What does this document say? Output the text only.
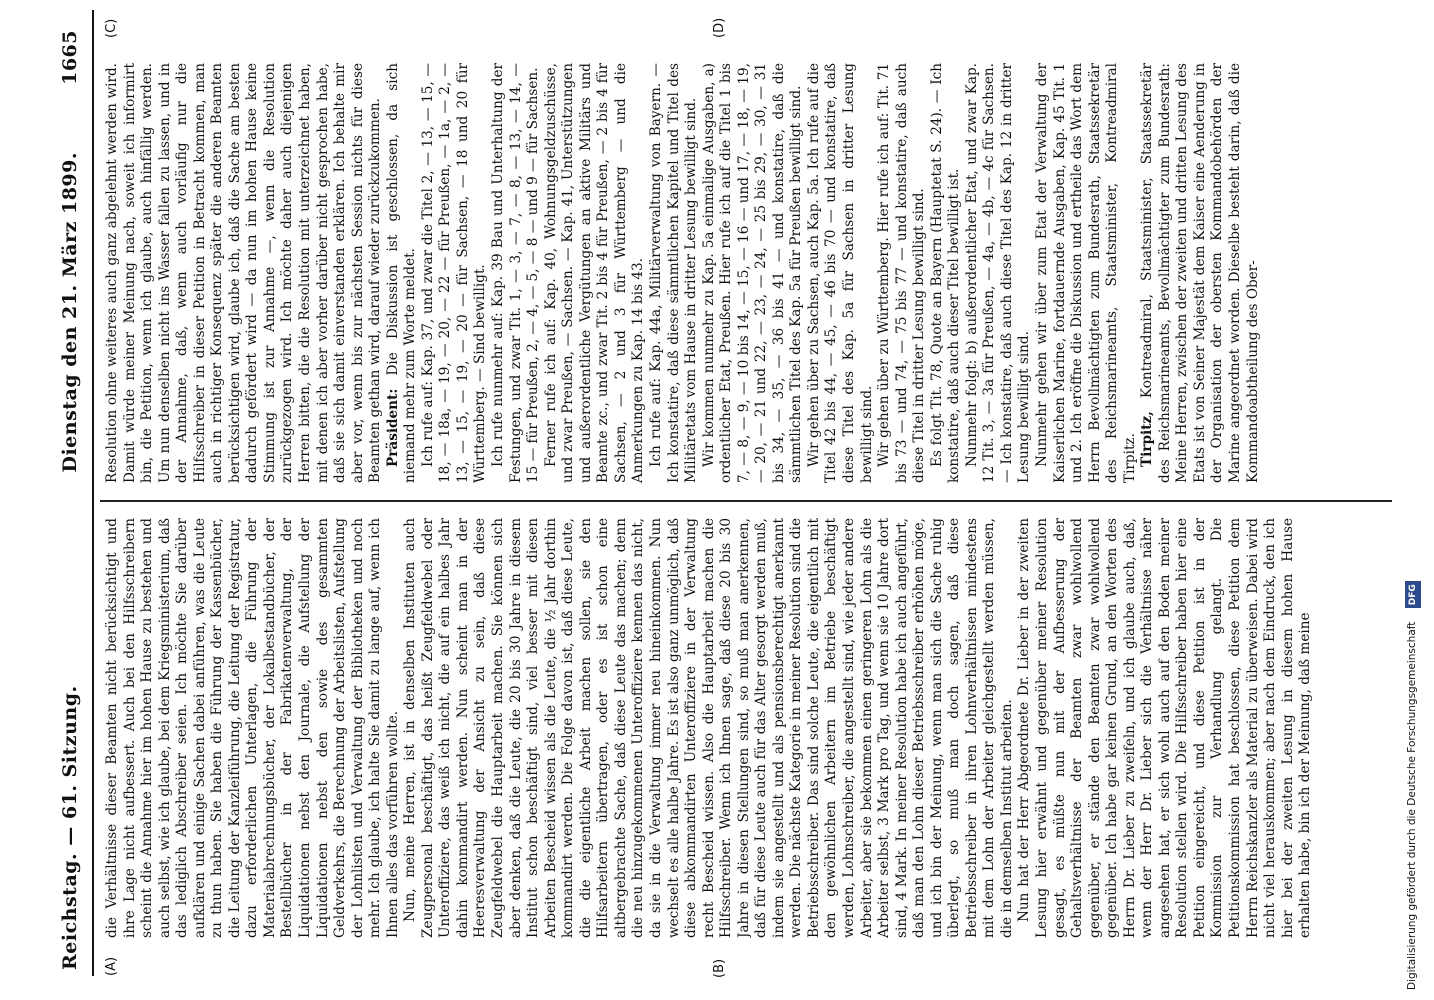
Reichstag. — 61. Sitzung.
Dienstag den 21. März 1899. 1665
(A)	(B)
(C)	(D)

die Verhältnisse dieser Beamten nicht berücksichtigt und ihre Lage nicht aufbessert. Auch bei den Hilfsschreibern scheint die Annahme hier im hohen Hause zu bestehen und auch selbst, wie ich glaube, bei dem Kriegsministerium, daß das lediglich Abschreiber seien. Ich möchte Sie darüber aufklären und einige Sachen dabei anführen, was die Leute zu thun haben. Sie haben die Führung der Kassenbücher, die Leitung der Kanzleiführung, die Leitung der Registratur, dazu erforderlichen Unterlagen, die Führung der Materialabrechnungsbücher, der Lokalbestandbücher, der Bestellbücher in der Fabrikatenverwaltung, der Liquidationen nebst den Journale, die Aufstellung der Liquidationen nebst den sowie des gesammten Geldverkehrs, die Berechnung der Arbeitslisten, Aufstellung der Lohnlisten und Verwaltung der Bibliotheken und noch mehr. Ich glaube, ich halte Sie damit zu lange auf, wenn ich Ihnen alles das vorführen wollte. Nun, meine Herren, ist in denselben Instituten auch Zeugpersonal beschäftigt, das heißt Zeugfeldwebel oder Unteroffiziere, das weiß ich nicht, die auf ein halbes Jahr dahin kommandirt werden. Nun scheint man in der Heeresverwaltung der Ansicht zu sein, daß diese Zeugfeldwebel die Hauptarbeit machen. Sie können sich aber denken, daß die Leute, die 20 bis 30 Jahre in diesem Institut schon beschäftigt sind, viel besser mit diesen Arbeiten Bescheid wissen als die Leute, die ½ Jahr dorthin kommandirt werden. Die Folge davon ist, daß diese Leute, die die eigentliche Arbeit machen sollen, sie den Hilfsarbeitern übertragen, oder es ist schon eine altbergebrachte Sache, daß diese Leute das machen; denn die neu hinzugekommenen Unteroffiziere kennen das nicht, da sie in die Verwaltung immer neu hineinkommen. Nun wechselt es alle halbe Jahre. Es ist also ganz unmöglich, daß diese abkommandirten Unteroffiziere in der Verwaltung recht Bescheid wissen. Also die Hauptarbeit machen die Hilfsschreiber. Wenn ich Ihnen sage, daß diese 20 bis 30 Jahre in diesen Stellungen sind, so muß man anerkennen, daß für diese Leute auch für das Alter gesorgt werden muß, indem sie angestellt und als pensionsberechtigt anerkannt werden. Die nächste Kategorie in meiner Resolution sind die Betriebsschreiber. Das sind solche Leute, die eigentlich mit den gewöhnlichen Arbeitern im Betriebe beschäftigt werden, Lohnschreiber, die angestellt sind, wie jeder andere Arbeiter, aber sie bekommen einen geringeren Lohn als die Arbeiter selbst, 3 Mark pro Tag, und wenn sie 10 Jahre dort sind, 4 Mark. In meiner Resolution habe ich auch angeführt, daß man den Lohn dieser Betriebsschreiber erhöhen möge, und ich bin der Meinung, wenn man sich die Sache ruhig überlegt, so muß man doch sagen, daß diese Betriebsschreiber in ihren Lohnverhältnissen mindestens mit dem Lohn der Arbeiter gleichgestellt werden müssen, die in demselben Institut arbeiten. Nun hat der Herr Abgeordnete Dr. Lieber in der zweiten Lesung hier erwähnt und gegenüber meiner Resolution gesagt, es müßte nun mit der Aufbesserung der Gehaltsverhältnisse der Beamten zwar wohlwollend gegenüber, er stände den Beamten zwar wohlwollend gegenüber. Ich habe gar keinen Grund, an den Worten des Herrn Dr. Lieber zu zweifeln, und ich glaube auch, daß, wenn der Herr Dr. Lieber sich die Verhältnisse näher angesehen hat, er sich wohl auch auf den Boden meiner Resolution stellen wird. Die Hilfsschreiber haben hier eine Petition eingereicht, und diese Petition ist in der Kommission zur Verhandlung gelangt. Die Petitionskommission hat beschlossen, diese Petition dem Herrn Reichskanzler als Material zu überweisen. Dabei wird nicht viel herauskommen; aber nach dem Eindruck, den ich hier bei der zweiten Lesung in diesem hohen Hause erhalten habe, bin ich der Meinung, daß meine

Resolution ohne weiteres auch ganz abgelehnt werden wird. Damit würde meiner Meinung nach, soweit ich informirt bin, die Petition, wenn ich glaube, auch hinfällig werden. Um nun denselben nicht ins Wasser fallen zu lassen, und in der Annahme, daß, wenn auch vorläufig nur die Hilfsschreiber in dieser Petition in Betracht kommen, man auch in richtiger Konsequenz später die anderen Beamten berücksichtigen wird, glaube ich, daß die Sache am besten dadurch gefördert wird — da nun im hohen Hause keine Stimmung ist zur Annahme —, wenn die Resolution zurückgezogen wird. Ich möchte daher auch diejenigen Herren bitten, die die Resolution mit unterzeichnet haben, mit denen ich aber vorher darüber nicht gesprochen habe, daß sie sich damit einverstanden erklären. Ich behalte mir aber vor, wenn bis zur nächsten Session nichts für diese Beamten gethan wird, darauf wieder zurückzukommen. Präsident: Die Diskussion ist geschlossen, da sich niemand mehr zum Worte meldet. Ich rufe auf: Kap. 37, und zwar die Titel 2, — 13, — 15, — 18, — 18a, — 19, — 20, — 22 — für Preußen, — 1a, — 2, — 13, — 15, — 19, — 20 — für Sachsen, — 18 und 20 für Württemberg. — Sind bewilligt. Ich rufe nunmehr auf: Kap. 39 Bau und Unterhaltung der Festungen, und zwar Tit. 1, — 3, — 7, — 8, — 13, — 14, — 15 — für Preußen, 2, — 4, — 5, — 8 — und 9 — für Sachsen. Ferner rufe ich auf: Kap. 40, Wohnungsgeldzuschüsse, und zwar Preußen, — Sachsen. — Kap. 41, Unterstützungen und außerordentliche Vergütungen an aktive Militärs und Beamte zc., und zwar Tit. 2 bis 4 für Preußen, — 2 bis 4 für Sachsen, — 2 und 3 für Württemberg — und die Anmerkungen zu Kap. 14 bis 43. Ich rufe auf: Kap. 44a, Militärverwaltung von Bayern. — Ich konstatire, daß diese sämmtlichen Kapitel und Titel des Militäretats vom Hause in dritter Lesung bewilligt sind. Wir kommen nunmehr zu Kap. 5a einmalige Ausgaben, a) ordentlicher Etat, Preußen. Hier rufe ich auf die Titel 1 bis 7, — 8, — 9, — 10 bis 14, — 15, — 16 — und 17, — 18, — 19, — 20, — 21 und 22, — 23, — 24, — 25 bis 29, — 30, — 31 bis 34, — 35, — 36 bis 41 — und konstatire, daß die sämmtlichen Titel des Kap. 5a für Preußen bewilligt sind. Wir gehen über zu Sachsen, auch Kap. 5a. Ich rufe auf die Titel 42 bis 44, — 45, — 46 bis 70 — und konstatire, daß diese Titel des Kap. 5a für Sachsen in dritter Lesung bewilligt sind. Wir gehen über zu Württemberg. Hier rufe ich auf: Tit. 71 bis 73 — und 74, — 75 bis 77 — und konstatire, daß auch diese Titel in dritter Lesung bewilligt sind. Es folgt Tit. 78, Quote an Bayern (Hauptetat S. 24). — Ich konstatire, daß auch dieser Titel bewilligt ist. Nunmehr folgt: b) außerordentlicher Etat, und zwar Kap. 12 Tit. 3, — 3a für Preußen, — 4a, — 4b, — 4c für Sachsen. — Ich konstatire, daß auch diese Titel des Kap. 12 in dritter Lesung bewilligt sind. Nunmehr gehen wir über zum Etat der Verwaltung der Kaiserlichen Marine, fortdauernde Ausgaben, Kap. 45 Tit. 1 und 2. Ich eröffne die Diskussion und ertheile das Wort dem Herrn Bevollmächtigten zum Bundesrath, Staatssekretär des Reichsmarineamts, Staatsminister, Kontreadmiral Tirpitz. Tirpitz, Kontreadmiral, Staatsminister, Staatssekretär des Reichsmarineamts, Bevollmächtigter zum Bundesrath: Meine Herren, zwischen der zweiten und dritten Lesung des Etats ist von Seiner Majestät dem Kaiser eine Aenderung in der Organisation der obersten Kommandobehörden der Marine angeordnet worden. Dieselbe besteht darin, daß die Kommandoabtheilung des Ober-

Digitalisierung gefördert durch die Deutsche Forschungsgemeinschaft DFG
